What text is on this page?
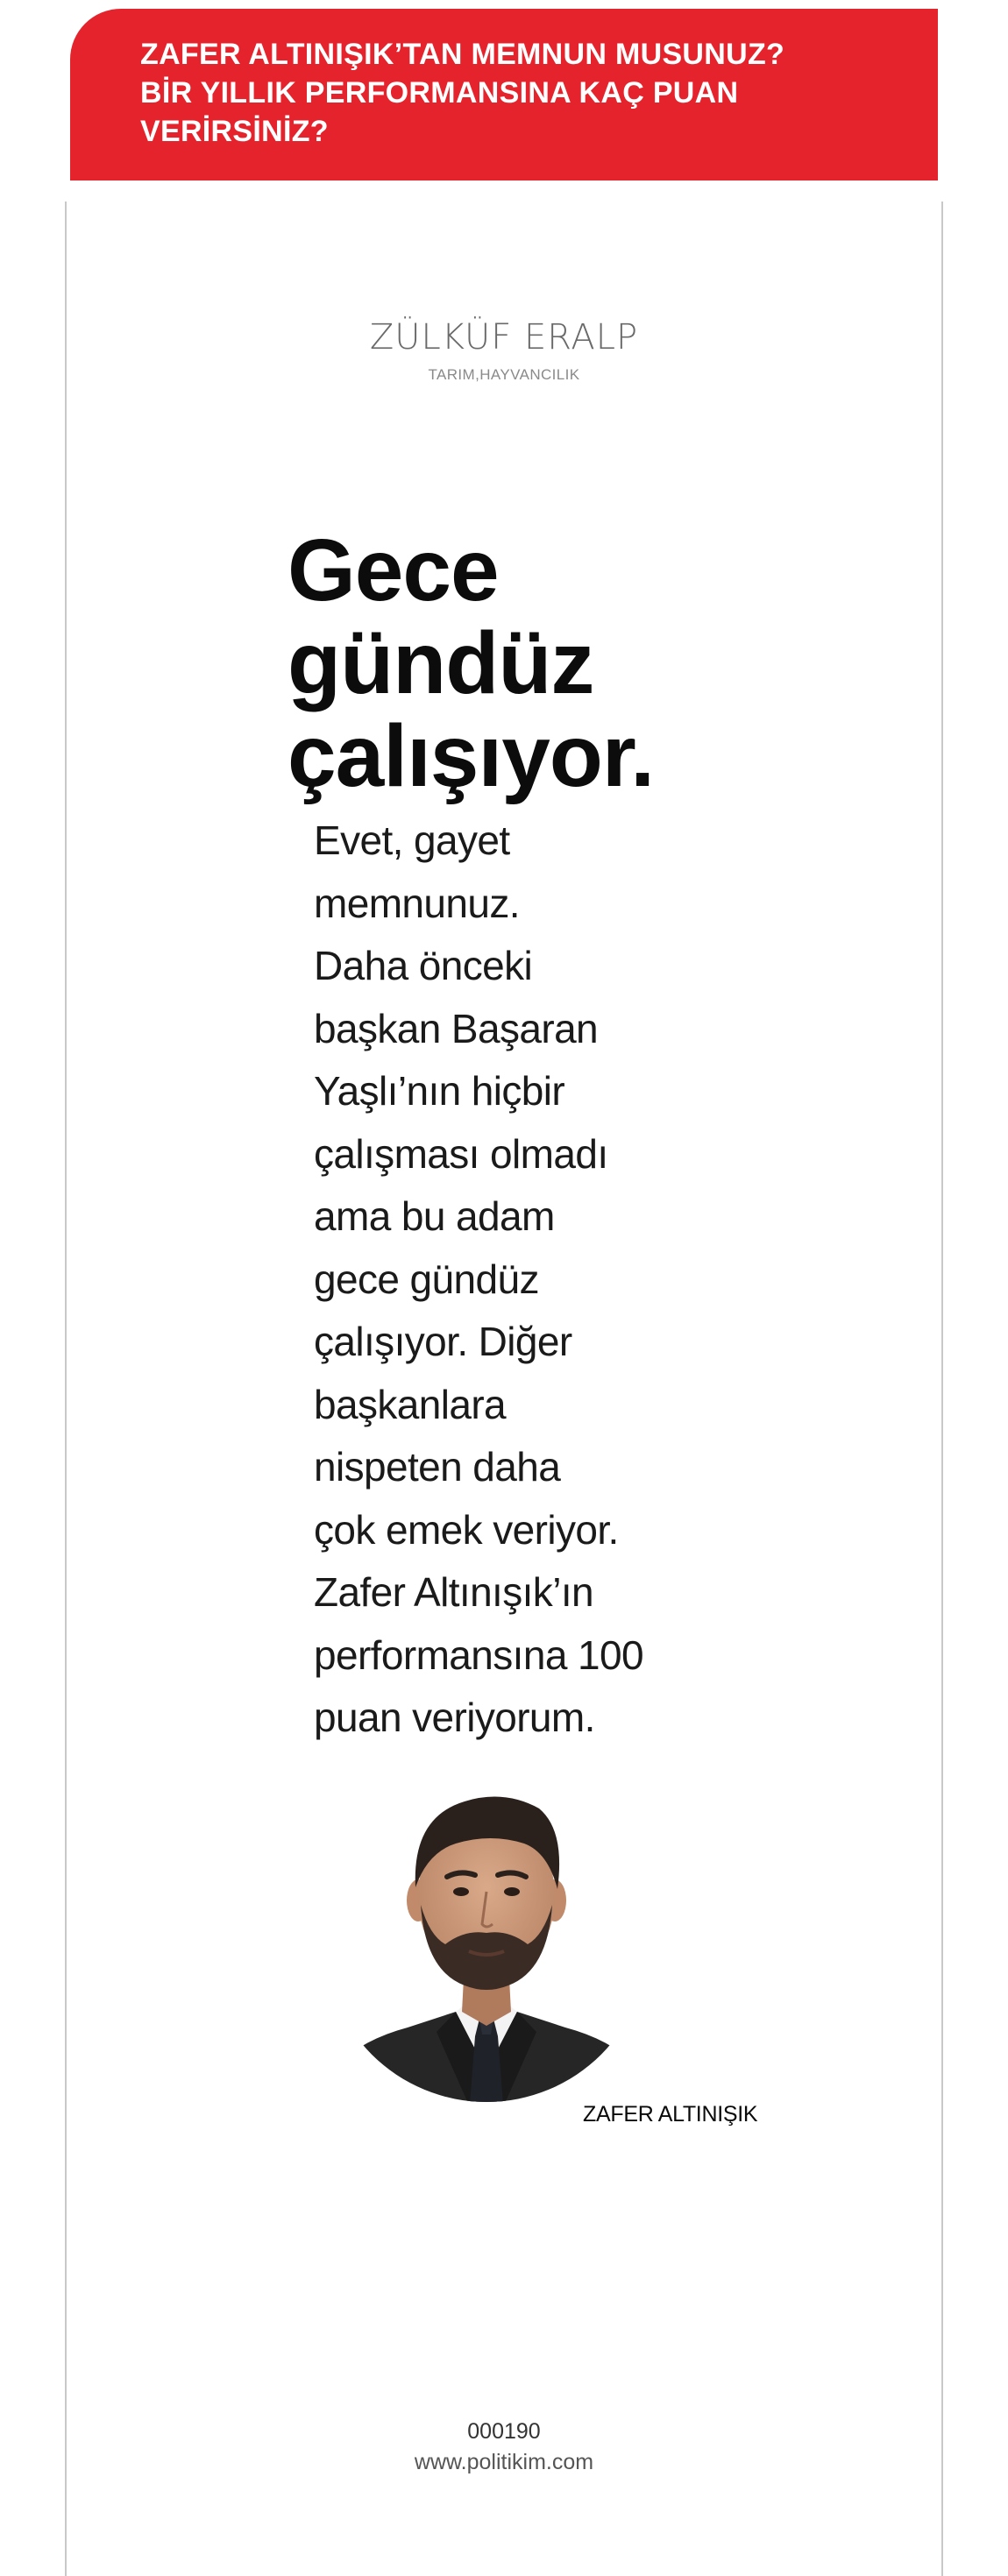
ZAFER ALTINIŞIK’TAN MEMNUN MUSUNUZ?
BİR YILLIK PERFORMANSINA KAÇ PUAN
VERİRSİNİZ?
ZÜLKÜF ERALP
TARIM,HAYVANCILIK
Gece
gündüz
çalışıyor.

Evet, gayet
memnunuz.
Daha önceki
başkan Başaran
Yaşlı’nın hiçbir
çalışması olmadı
ama bu adam
gece gündüz
çalışıyor. Diğer
başkanlara
nispeten daha
çok emek veriyor.
Zafer Altınışık’ın
performansına 100
puan veriyorum.

ZAFER ALTINIŞIK
000190
www.politikim.com
